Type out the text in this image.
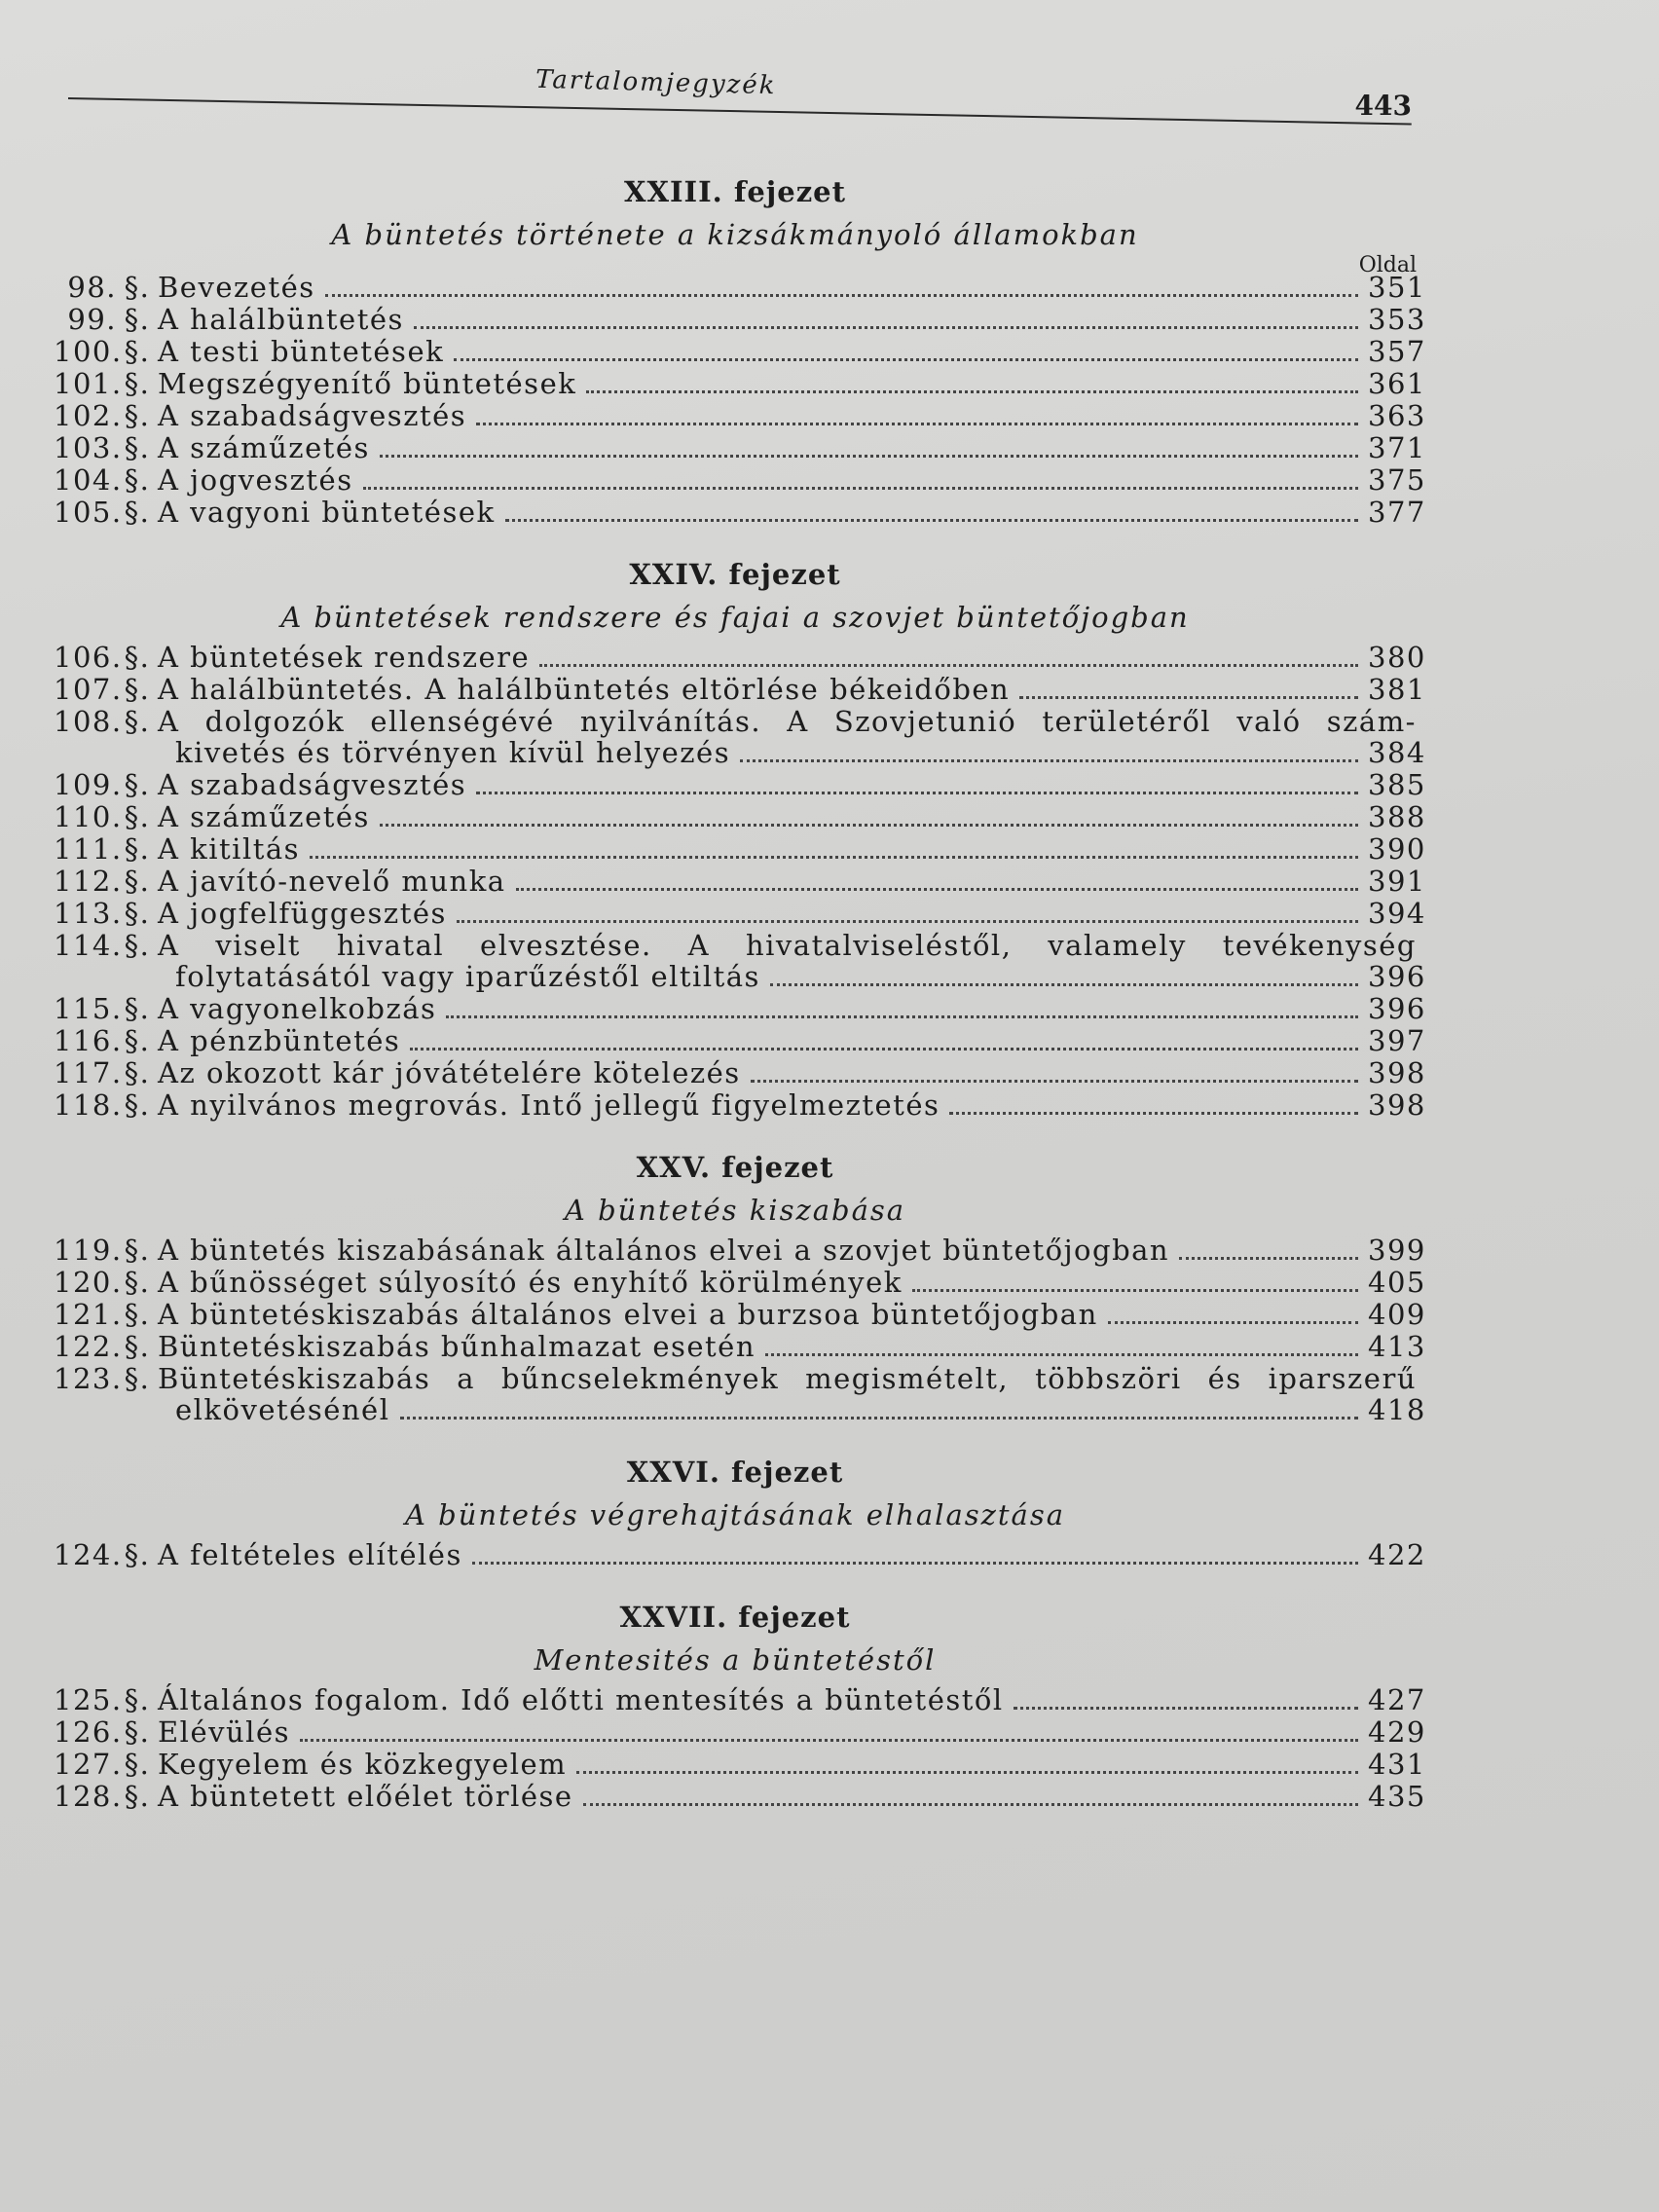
Tartalomjegyzék
443
XXIII. fejezet
A büntetés története a kizsákmányoló államokban
Oldal
98. §. Bevezetés	351
99. §. A halálbüntetés	353
100. §. A testi büntetések	357
101. §. Megszégyenítő büntetések	361
102. §. A szabadságvesztés	363
103. §. A száműzetés	371
104. §. A jogvesztés	375
105. §. A vagyoni büntetések	377
XXIV. fejezet
A büntetések rendszere és fajai a szovjet büntetőjogban
106. §. A büntetések rendszere	380
107. §. A halálbüntetés. A halálbüntetés eltörlése békeidőben	381
108. §. A dolgozók ellenségévé nyilvánítás. A Szovjetunió területéről való szám-
kivetés és törvényen kívül helyezés	384
109. §. A szabadságvesztés	385
110. §. A száműzetés	388
111. §. A kitiltás	390
112. §. A javító-nevelő munka	391
113. §. A jogfelfüggesztés	394
114. §. A viselt hivatal elvesztése. A hivatalviseléstől, valamely tevékenység
folytatásától vagy iparűzéstől eltiltás	396
115. §. A vagyonelkobzás	396
116. §. A pénzbüntetés	397
117. §. Az okozott kár jóvátételére kötelezés	398
118. §. A nyilvános megrovás. Intő jellegű figyelmeztetés	398
XXV. fejezet
A büntetés kiszabása
119. §. A büntetés kiszabásának általános elvei a szovjet büntetőjogban	399
120. §. A bűnösséget súlyosító és enyhítő körülmények	405
121. §. A büntetéskiszabás általános elvei a burzsoa büntetőjogban	409
122. §. Büntetéskiszabás bűnhalmazat esetén	413
123. §. Büntetéskiszabás a bűncselekmények megismételt, többszöri és iparszerű
elkövetésénél	418
XXVI. fejezet
A büntetés végrehajtásának elhalasztása
124. §. A feltételes elítélés	422
XXVII. fejezet
Mentesités a büntetéstől
125. §. Általános fogalom. Idő előtti mentesítés a büntetéstől	427
126. §. Elévülés	429
127. §. Kegyelem és közkegyelem	431
128. §. A büntetett előélet törlése	435
